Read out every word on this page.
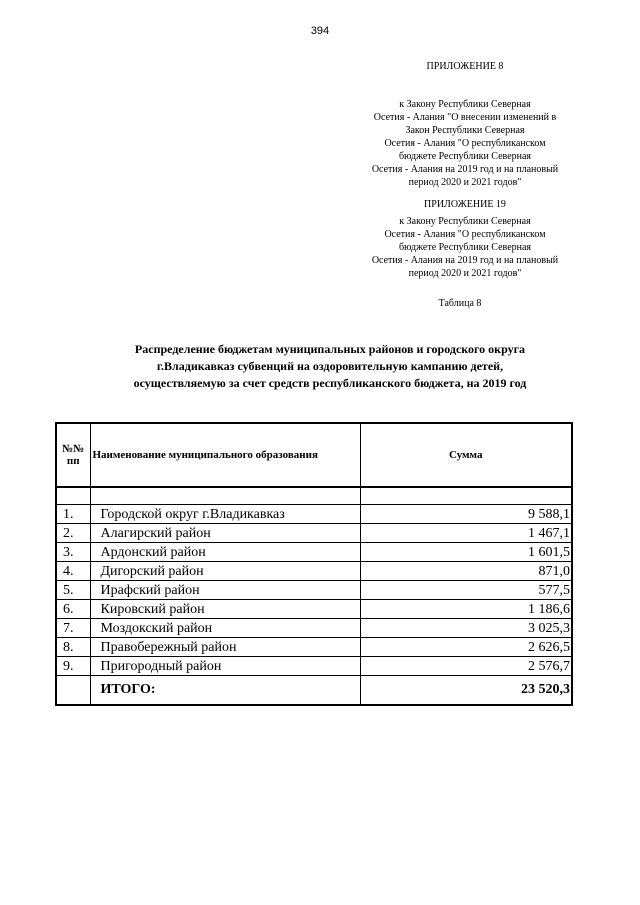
394
ПРИЛОЖЕНИЕ 8
к Закону Республики Северная
Осетия - Алания "О внесении изменений в
Закон Республики Северная
Осетия - Алания "О республиканском
бюджете Республики Северная
Осетия - Алания на 2019 год и на плановый
период 2020 и 2021 годов"
ПРИЛОЖЕНИЕ 19
к Закону Республики Северная
Осетия - Алания "О республиканском
бюджете Республики Северная
Осетия - Алания на 2019 год и на плановый
период 2020 и 2021 годов"
Таблица 8
Распределение бюджетам муниципальных районов и городского округа
г.Владикавказ субвенций на оздоровительную кампанию детей,
осуществляемую за счет средств республиканского бюджета, на 2019 год
№№
пп	Наименование муниципального образования	Сумма

1.	Городской округ г.Владикавказ	9 588,1
2.	Алагирский район	1 467,1
3.	Ардонский район	1 601,5
4.	Дигорский район	871,0
5.	Ирафский район	577,5
6.	Кировский район	1 186,6
7.	Моздокский район	3 025,3
8.	Правобережный район	2 626,5
9.	Пригородный район	2 576,7
	ИТОГО:	23 520,3
